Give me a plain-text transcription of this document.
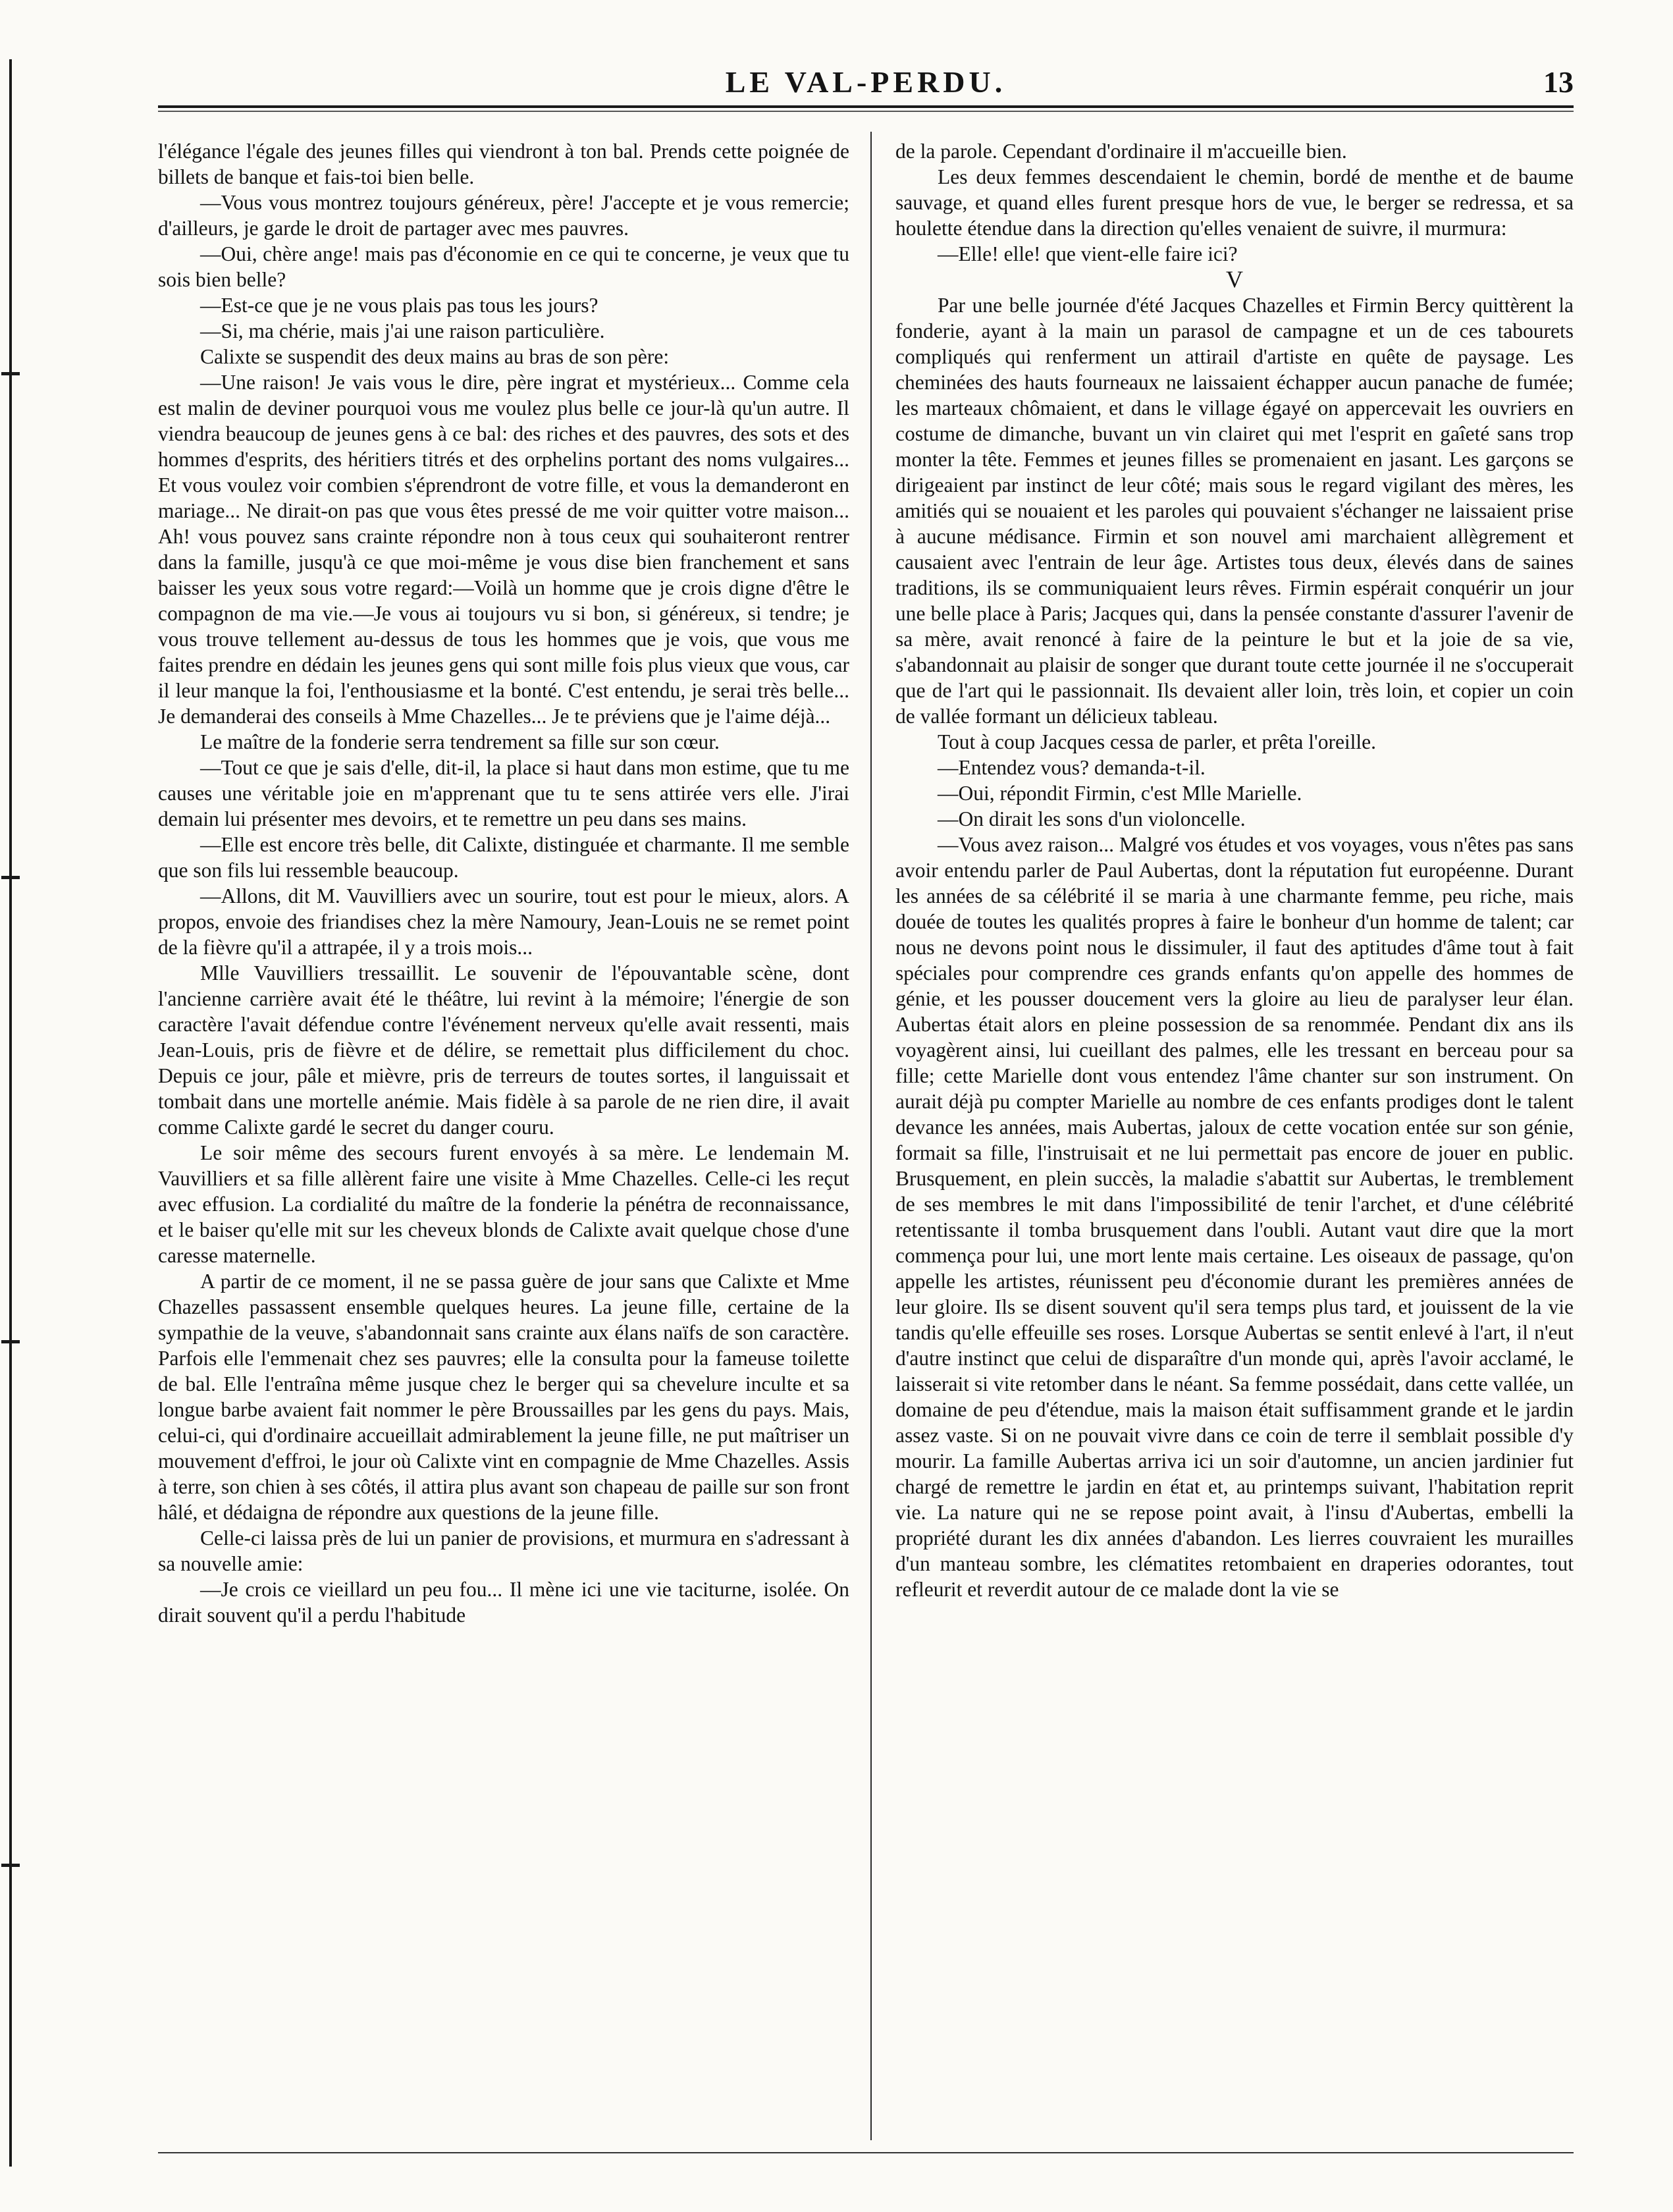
LE VAL-PERDU.	13

l'élégance l'égale des jeunes filles qui viendront à ton bal. Prends cette poignée de billets de banque et fais-toi bien belle.

—Vous vous montrez toujours généreux, père! J'accepte et je vous remercie; d'ailleurs, je garde le droit de partager avec mes pauvres.

—Oui, chère ange! mais pas d'économie en ce qui te concerne, je veux que tu sois bien belle?

—Est-ce que je ne vous plais pas tous les jours?

—Si, ma chérie, mais j'ai une raison particulière.

Calixte se suspendit des deux mains au bras de son père:

—Une raison! Je vais vous le dire, père ingrat et mystérieux... Comme cela est malin de deviner pourquoi vous me voulez plus belle ce jour-là qu'un autre. Il viendra beaucoup de jeunes gens à ce bal: des riches et des pauvres, des sots et des hommes d'esprits, des héritiers titrés et des orphelins portant des noms vulgaires... Et vous voulez voir combien s'éprendront de votre fille, et vous la demanderont en mariage... Ne dirait-on pas que vous êtes pressé de me voir quitter votre maison... Ah! vous pouvez sans crainte répondre non à tous ceux qui souhaiteront rentrer dans la famille, jusqu'à ce que moi-même je vous dise bien franchement et sans baisser les yeux sous votre regard:—Voilà un homme que je crois digne d'être le compagnon de ma vie.—Je vous ai toujours vu si bon, si généreux, si tendre; je vous trouve tellement au-dessus de tous les hommes que je vois, que vous me faites prendre en dédain les jeunes gens qui sont mille fois plus vieux que vous, car il leur manque la foi, l'enthousiasme et la bonté. C'est entendu, je serai très belle... Je demanderai des conseils à Mme Chazelles... Je te préviens que je l'aime déjà...

Le maître de la fonderie serra tendrement sa fille sur son cœur.

—Tout ce que je sais d'elle, dit-il, la place si haut dans mon estime, que tu me causes une véritable joie en m'apprenant que tu te sens attirée vers elle. J'irai demain lui présenter mes devoirs, et te remettre un peu dans ses mains.

—Elle est encore très belle, dit Calixte, distinguée et charmante. Il me semble que son fils lui ressemble beaucoup.

—Allons, dit M. Vauvilliers avec un sourire, tout est pour le mieux, alors. A propos, envoie des friandises chez la mère Namoury, Jean-Louis ne se remet point de la fièvre qu'il a attrapée, il y a trois mois...

Mlle Vauvilliers tressaillit. Le souvenir de l'épouvantable scène, dont l'ancienne carrière avait été le théâtre, lui revint à la mémoire; l'énergie de son caractère l'avait défendue contre l'événement nerveux qu'elle avait ressenti, mais Jean-Louis, pris de fièvre et de délire, se remettait plus difficilement du choc. Depuis ce jour, pâle et mièvre, pris de terreurs de toutes sortes, il languissait et tombait dans une mortelle anémie. Mais fidèle à sa parole de ne rien dire, il avait comme Calixte gardé le secret du danger couru.

Le soir même des secours furent envoyés à sa mère. Le lendemain M. Vauvilliers et sa fille allèrent faire une visite à Mme Chazelles. Celle-ci les reçut avec effusion. La cordialité du maître de la fonderie la pénétra de reconnaissance, et le baiser qu'elle mit sur les cheveux blonds de Calixte avait quelque chose d'une caresse maternelle.

A partir de ce moment, il ne se passa guère de jour sans que Calixte et Mme Chazelles passassent ensemble quelques heures. La jeune fille, certaine de la sympathie de la veuve, s'abandonnait sans crainte aux élans naïfs de son caractère. Parfois elle l'emmenait chez ses pauvres; elle la consulta pour la fameuse toilette de bal. Elle l'entraîna même jusque chez le berger qui sa chevelure inculte et sa longue barbe avaient fait nommer le père Broussailles par les gens du pays. Mais, celui-ci, qui d'ordinaire accueillait admirablement la jeune fille, ne put maîtriser un mouvement d'effroi, le jour où Calixte vint en compagnie de Mme Chazelles. Assis à terre, son chien à ses côtés, il attira plus avant son chapeau de paille sur son front hâlé, et dédaigna de répondre aux questions de la jeune fille.

Celle-ci laissa près de lui un panier de provisions, et murmura en s'adressant à sa nouvelle amie:

—Je crois ce vieillard un peu fou... Il mène ici une vie taciturne, isolée. On dirait souvent qu'il a perdu l'habitude

de la parole. Cependant d'ordinaire il m'accueille bien.

Les deux femmes descendaient le chemin, bordé de menthe et de baume sauvage, et quand elles furent presque hors de vue, le berger se redressa, et sa houlette étendue dans la direction qu'elles venaient de suivre, il murmura:

—Elle! elle! que vient-elle faire ici?

V

Par une belle journée d'été Jacques Chazelles et Firmin Bercy quittèrent la fonderie, ayant à la main un parasol de campagne et un de ces tabourets compliqués qui renferment un attirail d'artiste en quête de paysage. Les cheminées des hauts fourneaux ne laissaient échapper aucun panache de fumée; les marteaux chômaient, et dans le village égayé on appercevait les ouvriers en costume de dimanche, buvant un vin clairet qui met l'esprit en gaîeté sans trop monter la tête. Femmes et jeunes filles se promenaient en jasant. Les garçons se dirigeaient par instinct de leur côté; mais sous le regard vigilant des mères, les amitiés qui se nouaient et les paroles qui pouvaient s'échanger ne laissaient prise à aucune médisance. Firmin et son nouvel ami marchaient allègrement et causaient avec l'entrain de leur âge. Artistes tous deux, élevés dans de saines traditions, ils se communiquaient leurs rêves. Firmin espérait conquérir un jour une belle place à Paris; Jacques qui, dans la pensée constante d'assurer l'avenir de sa mère, avait renoncé à faire de la peinture le but et la joie de sa vie, s'abandonnait au plaisir de songer que durant toute cette journée il ne s'occuperait que de l'art qui le passionnait. Ils devaient aller loin, très loin, et copier un coin de vallée formant un délicieux tableau.

Tout à coup Jacques cessa de parler, et prêta l'oreille.

—Entendez vous? demanda-t-il.

—Oui, répondit Firmin, c'est Mlle Marielle.

—On dirait les sons d'un violoncelle.

—Vous avez raison... Malgré vos études et vos voyages, vous n'êtes pas sans avoir entendu parler de Paul Aubertas, dont la réputation fut européenne. Durant les années de sa célébrité il se maria à une charmante femme, peu riche, mais douée de toutes les qualités propres à faire le bonheur d'un homme de talent; car nous ne devons point nous le dissimuler, il faut des aptitudes d'âme tout à fait spéciales pour comprendre ces grands enfants qu'on appelle des hommes de génie, et les pousser doucement vers la gloire au lieu de paralyser leur élan. Aubertas était alors en pleine possession de sa renommée. Pendant dix ans ils voyagèrent ainsi, lui cueillant des palmes, elle les tressant en berceau pour sa fille; cette Marielle dont vous entendez l'âme chanter sur son instrument. On aurait déjà pu compter Marielle au nombre de ces enfants prodiges dont le talent devance les années, mais Aubertas, jaloux de cette vocation entée sur son génie, formait sa fille, l'instruisait et ne lui permettait pas encore de jouer en public. Brusquement, en plein succès, la maladie s'abattit sur Aubertas, le tremblement de ses membres le mit dans l'impossibilité de tenir l'archet, et d'une célébrité retentissante il tomba brusquement dans l'oubli. Autant vaut dire que la mort commença pour lui, une mort lente mais certaine. Les oiseaux de passage, qu'on appelle les artistes, réunissent peu d'économie durant les premières années de leur gloire. Ils se disent souvent qu'il sera temps plus tard, et jouissent de la vie tandis qu'elle effeuille ses roses. Lorsque Aubertas se sentit enlevé à l'art, il n'eut d'autre instinct que celui de disparaître d'un monde qui, après l'avoir acclamé, le laisserait si vite retomber dans le néant. Sa femme possédait, dans cette vallée, un domaine de peu d'étendue, mais la maison était suffisamment grande et le jardin assez vaste. Si on ne pouvait vivre dans ce coin de terre il semblait possible d'y mourir. La famille Aubertas arriva ici un soir d'automne, un ancien jardinier fut chargé de remettre le jardin en état et, au printemps suivant, l'habitation reprit vie. La nature qui ne se repose point avait, à l'insu d'Aubertas, embelli la propriété durant les dix années d'abandon. Les lierres couvraient les murailles d'un manteau sombre, les clématites retombaient en draperies odorantes, tout refleurit et reverdit autour de ce malade dont la vie se
